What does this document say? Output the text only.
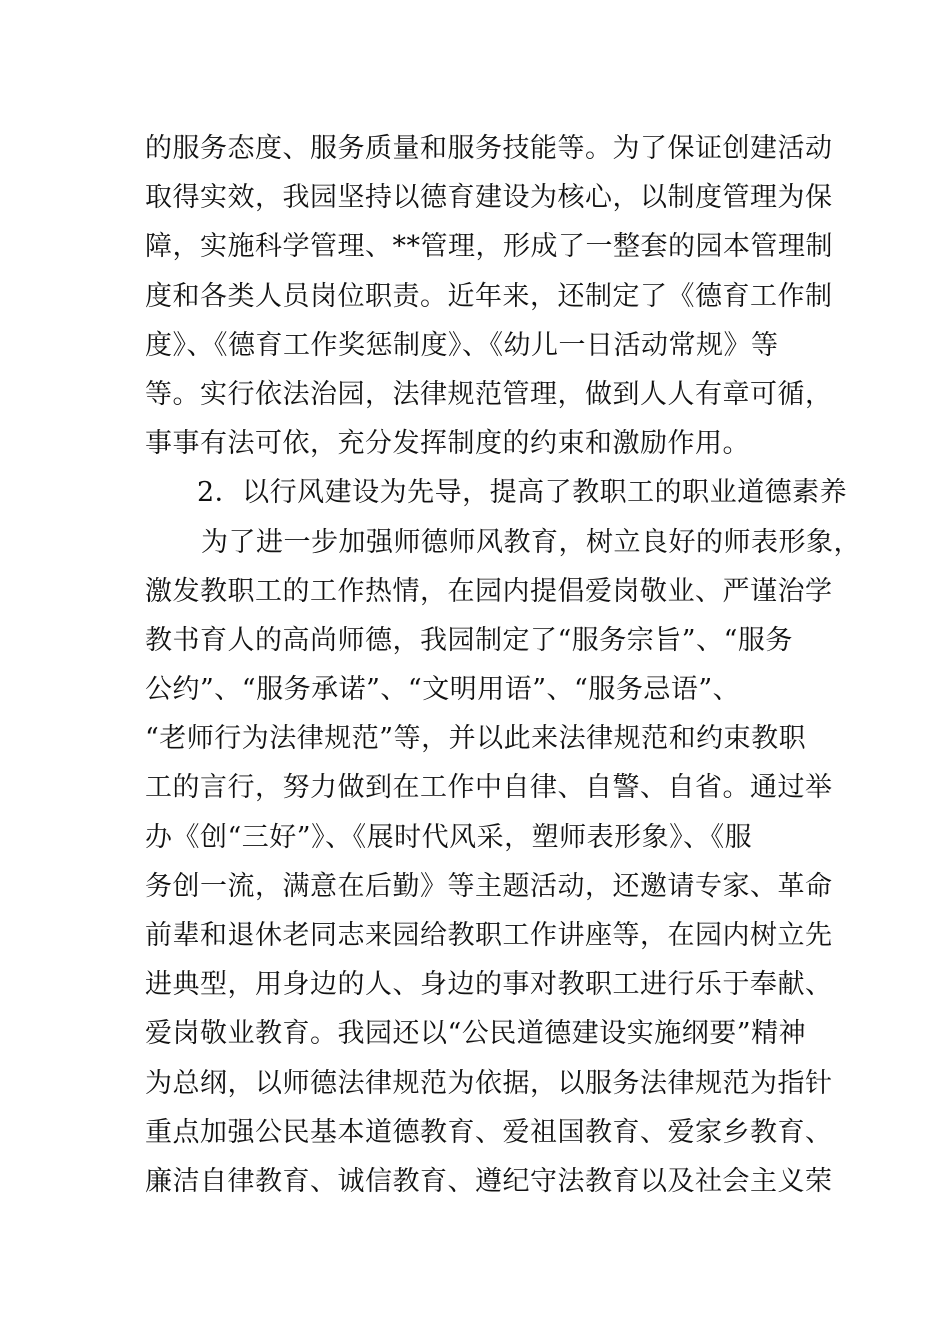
的服务态度、服务质量和服务技能等。为了保证创建活动
取得实效，我园坚持以德育建设为核心，以制度管理为保
障，实施科学管理、**管理，形成了一整套的园本管理制
度和各类人员岗位职责。近年来，还制定了《德育工作制
度》、《德育工作奖惩制度》、《幼儿一日活动常规》等
等。实行依法治园，法律规范管理，做到人人有章可循，
事事有法可依，充分发挥制度的约束和激励作用。
2．以行风建设为先导，提高了教职工的职业道德素养
为了进一步加强师德师风教育，树立良好的师表形象，
激发教职工的工作热情，在园内提倡爱岗敬业、严谨治学
教书育人的高尚师德，我园制定了“服务宗旨”、“服务
公约”、“服务承诺”、“文明用语”、“服务忌语”、
“老师行为法律规范”等，并以此来法律规范和约束教职
工的言行，努力做到在工作中自律、自警、自省。通过举
办《创“三好”》、《展时代风采，塑师表形象》、《服
务创一流，满意在后勤》等主题活动，还邀请专家、革命
前辈和退休老同志来园给教职工作讲座等，在园内树立先
进典型，用身边的人、身边的事对教职工进行乐于奉献、
爱岗敬业教育。我园还以“公民道德建设实施纲要”精神
为总纲，以师德法律规范为依据，以服务法律规范为指针
重点加强公民基本道德教育、爱祖国教育、爱家乡教育、
廉洁自律教育、诚信教育、遵纪守法教育以及社会主义荣
